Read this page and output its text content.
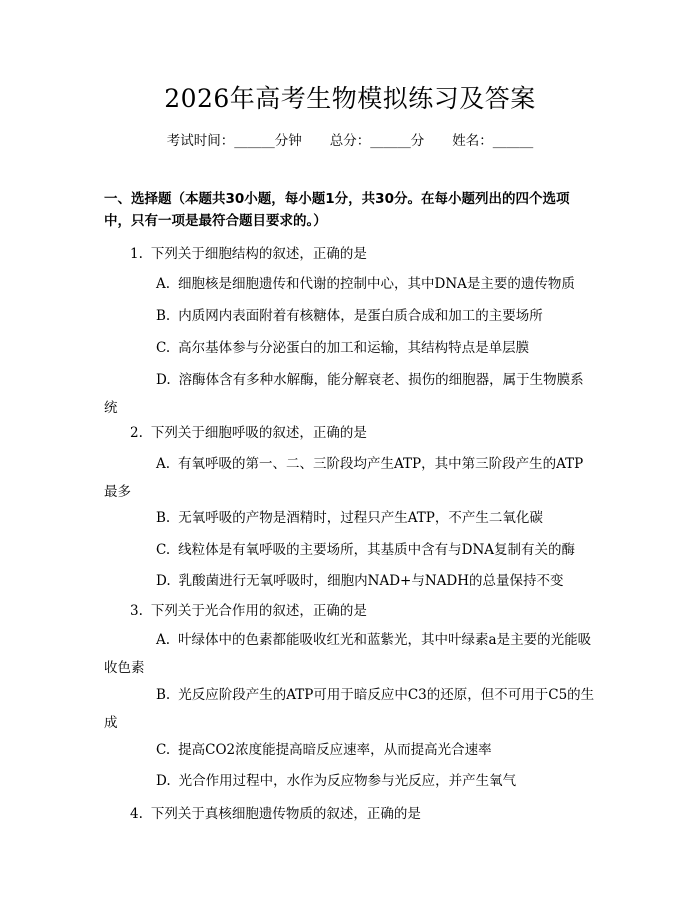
2026年高考生物模拟练习及答案
考试时间：______分钟 总分：______分 姓名：______
一、选择题（本题共30小题，每小题1分，共30分。在每小题列出的四个选项中，只有一项是最符合题目要求的。）
1. 下列关于细胞结构的叙述，正确的是
A. 细胞核是细胞遗传和代谢的控制中心，其中DNA是主要的遗传物质
B. 内质网内表面附着有核糖体，是蛋白质合成和加工的主要场所
C. 高尔基体参与分泌蛋白的加工和运输，其结构特点是单层膜
D. 溶酶体含有多种水解酶，能分解衰老、损伤的细胞器，属于生物膜系统
2. 下列关于细胞呼吸的叙述，正确的是
A. 有氧呼吸的第一、二、三阶段均产生ATP，其中第三阶段产生的ATP最多
B. 无氧呼吸的产物是酒精时，过程只产生ATP，不产生二氧化碳
C. 线粒体是有氧呼吸的主要场所，其基质中含有与DNA复制有关的酶
D. 乳酸菌进行无氧呼吸时，细胞内NAD+与NADH的总量保持不变
3. 下列关于光合作用的叙述，正确的是
A. 叶绿体中的色素都能吸收红光和蓝紫光，其中叶绿素a是主要的光能吸收色素
B. 光反应阶段产生的ATP可用于暗反应中C3的还原，但不可用于C5的生成
C. 提高CO2浓度能提高暗反应速率，从而提高光合速率
D. 光合作用过程中，水作为反应物参与光反应，并产生氧气
4. 下列关于真核细胞遗传物质的叙述，正确的是
